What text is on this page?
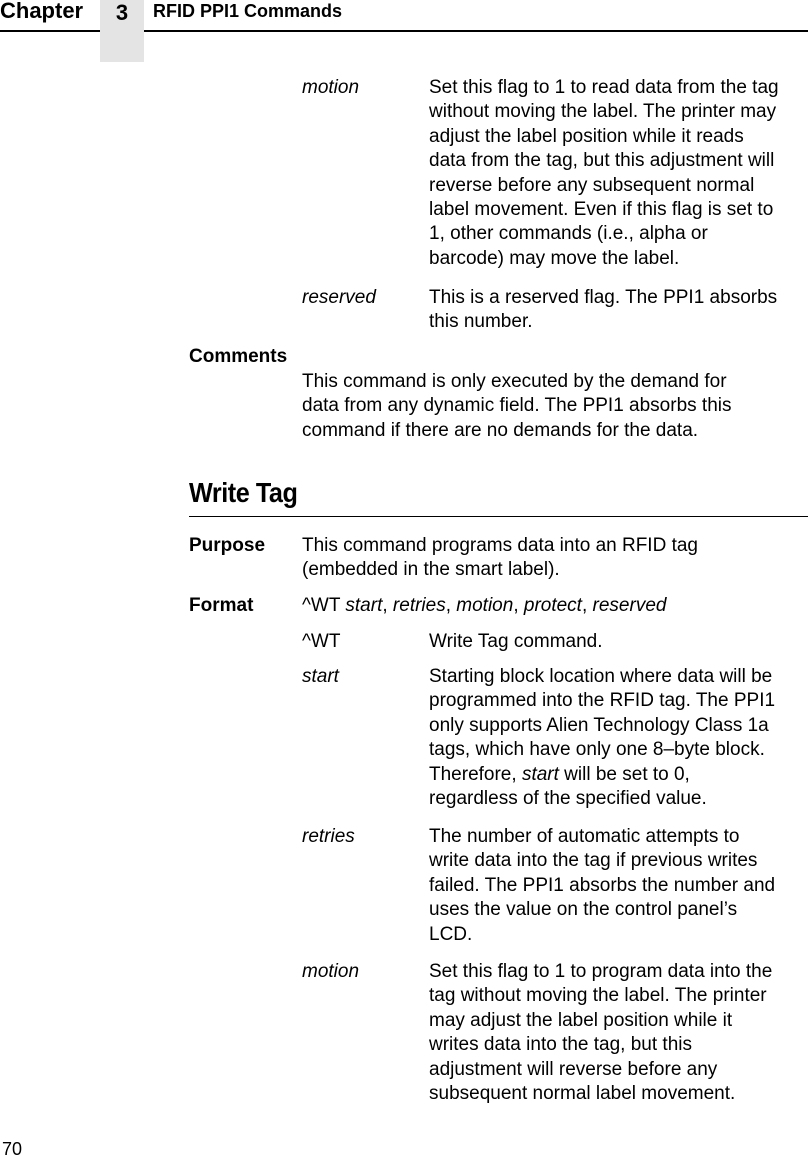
3
Chapter	RFID PPI1 Commands
motion	Set this flag to 1 to read data from the tag
without moving the label. The printer may
adjust the label position while it reads
data from the tag, but this adjustment will
reverse before any subsequent normal
label movement. Even if this flag is set to
1, other commands (i.e., alpha or
barcode) may move the label.
reserved	This is a reserved flag. The PPI1 absorbs
this number.
Comments
This command is only executed by the demand for
data from any dynamic field. The PPI1 absorbs this
command if there are no demands for the data.
Write Tag
Purpose This command programs data into an RFID tag
(embedded in the smart label).
Format	^WT start, retries, motion, protect, reserved
^WT	Write Tag command.
start	Starting block location where data will be
programmed into the RFID tag. The PPI1
only supports Alien Technology Class 1a
tags, which have only one 8–byte block.
Therefore, start will be set to 0,
regardless of the specified value.
retries	The number of automatic attempts to
write data into the tag if previous writes
failed. The PPI1 absorbs the number and
uses the value on the control panel’s
LCD.
motion	Set this flag to 1 to program data into the
tag without moving the label. The printer
may adjust the label position while it
writes data into the tag, but this
adjustment will reverse before any
subsequent normal label movement.
70
